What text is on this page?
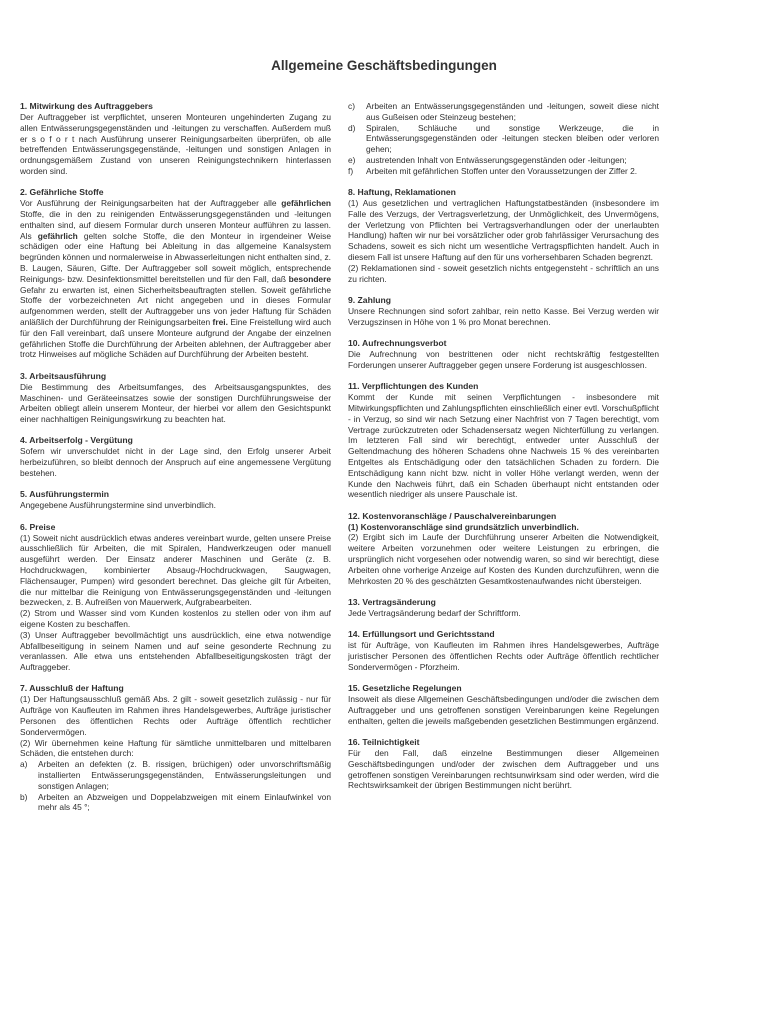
Allgemeine Geschäftsbedingungen
1. Mitwirkung des Auftraggebers

Der Auftraggeber ist verpflichtet, unseren Monteuren ungehinderten Zugang zu allen Entwässerungsgegenständen und -leitungen zu verschaffen. Außerdem muß er s o f o r t nach Ausführung unserer Reinigungsarbeiten überprüfen, ob alle betreffenden Entwässerungsgegenstände, -leitungen und sonstigen Anlagen in ordnungsgemäßem Zustand von unseren Reinigungstechnikern hinterlassen worden sind.

2. Gefährliche Stoffe

Vor Ausführung der Reinigungsarbeiten hat der Auftraggeber alle gefährlichen Stoffe, die in den zu reinigenden Entwässerungsgegenständen und -leitungen enthalten sind, auf diesem Formular durch unseren Monteur aufführen zu lassen. Als gefährlich gelten solche Stoffe, die den Monteur in irgendeiner Weise schädigen oder eine Haftung bei Ableitung in das allgemeine Kanalsystem begründen können und normalerweise in Abwasserleitungen nicht enthalten sind, z. B. Laugen, Säuren, Gifte. Der Auftraggeber soll soweit möglich, entsprechende Reinigungs- bzw. Desinfektionsmittel bereitstellen und für den Fall, daß besondere Gefahr zu erwarten ist, einen Sicherheitsbeauftragten stellen. Soweit gefährliche Stoffe der vorbezeichneten Art nicht angegeben und in dieses Formular aufgenommen werden, stellt der Auftraggeber uns von jeder Haftung für Schäden anläßlich der Durchführung der Reinigungsarbeiten frei. Eine Freistellung wird auch für den Fall vereinbart, daß unsere Monteure aufgrund der Angabe der einzelnen gefährlichen Stoffe die Durchführung der Arbeiten ablehnen, der Auftraggeber aber trotz Hinweises auf mögliche Schäden auf Durchführung der Arbeiten besteht.

3. Arbeitsausführung

Die Bestimmung des Arbeitsumfanges, des Arbeitsausgangspunktes, des Maschinen- und Geräteeinsatzes sowie der sonstigen Durchführungsweise der Arbeiten obliegt allein unserem Monteur, der hierbei vor allem den Gesichtspunkt einer nachhaltigen Reinigungswirkung zu beachten hat.

4. Arbeitserfolg - Vergütung

Sofern wir unverschuldet nicht in der Lage sind, den Erfolg unserer Arbeit herbeizuführen, so bleibt dennoch der Anspruch auf eine angemessene Vergütung bestehen.

5. Ausführungstermin

Angegebene Ausführungstermine sind unverbindlich.

6. Preise

(1) Soweit nicht ausdrücklich etwas anderes vereinbart wurde, gelten unsere Preise ausschließlich für Arbeiten, die mit Spiralen, Handwerkzeugen oder manuell ausgeführt werden. Der Einsatz anderer Maschinen und Geräte (z. B. Hochdruckwagen, kombinierter Absaug-/Hochdruckwagen, Saugwagen, Flächensauger, Pumpen) wird gesondert berechnet. Das gleiche gilt für Arbeiten, die nur mittelbar die Reinigung von Entwässerungsgegenständen und -leitungen bezwecken, z. B. Aufreißen von Mauerwerk, Aufgrabearbeiten.

(2) Strom und Wasser sind vom Kunden kostenlos zu stellen oder von ihm auf eigene Kosten zu beschaffen.

(3) Unser Auftraggeber bevollmächtigt uns ausdrücklich, eine etwa notwendige Abfallbeseitigung in seinem Namen und auf seine gesonderte Rechnung zu veranlassen. Alle etwa uns entstehenden Abfallbeseitigungskosten trägt der Auftraggeber.

7. Ausschluß der Haftung

(1) Der Haftungsausschluß gemäß Abs. 2 gilt - soweit gesetzlich zulässig - nur für Aufträge von Kaufleuten im Rahmen ihres Handelsgewerbes, Aufträge juristischer Personen des öffentlichen Rechts oder Aufträge öffentlich rechtlicher Sondervermögen.

(2) Wir übernehmen keine Haftung für sämtliche unmittelbaren und mittelbaren Schäden, die entstehen durch:

a) Arbeiten an defekten (z. B. rissigen, brüchigen) oder unvorschriftsmäßig installierten Entwässerungsgegenständen, Entwässerungsleitungen und sonstigen Anlagen;
b) Arbeiten an Abzweigen und Doppelabzweigen mit einem Einlaufwinkel von mehr als 45 °;
c) Arbeiten an Entwässerungsgegenständen und -leitungen, soweit diese nicht aus Gußeisen oder Steinzeug bestehen;
d) Spiralen, Schläuche und sonstige Werkzeuge, die in Entwässerungsgegenständen oder -leitungen stecken bleiben oder verloren gehen;
e) austretenden Inhalt von Entwässerungsgegenständen oder -leitungen;
f) Arbeiten mit gefährlichen Stoffen unter den Voraussetzungen der Ziffer 2.
8. Haftung, Reklamationen

(1) Aus gesetzlichen und vertraglichen Haftungstatbeständen (insbesondere im Falle des Verzugs, der Vertragsverletzung, der Unmöglichkeit, des Unvermögens, der Verletzung von Pflichten bei Vertragsverhandlungen oder der unerlaubten Handlung) haften wir nur bei vorsätzlicher oder grob fahrlässiger Verursachung des Schadens, soweit es sich nicht um wesentliche Vertragspflichten handelt. Auch in diesem Fall ist unsere Haftung auf den für uns vorhersehbaren Schaden begrenzt.

(2) Reklamationen sind - soweit gesetzlich nichts entgegensteht - schriftlich an uns zu richten.

9. Zahlung

Unsere Rechnungen sind sofort zahlbar, rein netto Kasse. Bei Verzug werden wir Verzugszinsen in Höhe von 1 % pro Monat berechnen.

10. Aufrechnungsverbot

Die Aufrechnung von bestrittenen oder nicht rechtskräftig festgestellten Forderungen unserer Auftraggeber gegen unsere Forderung ist ausgeschlossen.

11. Verpflichtungen des Kunden

Kommt der Kunde mit seinen Verpflichtungen - insbesondere mit Mitwirkungspflichten und Zahlungspflichten einschließlich einer evtl. Vorschußpflicht - in Verzug, so sind wir nach Setzung einer Nachfrist von 7 Tagen berechtigt, vom Vertrage zurückzutreten oder Schadensersatz wegen Nichterfüllung zu verlangen. Im letzteren Fall sind wir berechtigt, entweder unter Ausschluß der Geltendmachung des höheren Schadens ohne Nachweis 15 % des vereinbarten Entgeltes als Entschädigung oder den tatsächlichen Schaden zu fordern. Die Entschädigung kann nicht bzw. nicht in voller Höhe verlangt werden, wenn der Kunde den Nachweis führt, daß ein Schaden überhaupt nicht entstanden oder wesentlich niedriger als unsere Pauschale ist.

12. Kostenvoranschläge / Pauschalvereinbarungen

(1) Kostenvoranschläge sind grundsätzlich unverbindlich.

(2) Ergibt sich im Laufe der Durchführung unserer Arbeiten die Notwendigkeit, weitere Arbeiten vorzunehmen oder weitere Leistungen zu erbringen, die ursprünglich nicht vorgesehen oder notwendig waren, so sind wir berechtigt, diese Arbeiten ohne vorherige Anzeige auf Kosten des Kunden durchzuführen, wenn die Mehrkosten 20 % des geschätzten Gesamtkostenaufwandes nicht übersteigen.

13. Vertragsänderung

Jede Vertragsänderung bedarf der Schriftform.

14. Erfüllungsort und Gerichtsstand

ist für Aufträge, von Kaufleuten im Rahmen ihres Handelsgewerbes, Aufträge juristischer Personen des öffentlichen Rechts oder Aufträge öffentlich rechtlicher Sondervermögen - Pforzheim.

15. Gesetzliche Regelungen

Insoweit als diese Allgemeinen Geschäftsbedingungen und/oder die zwischen dem Auftraggeber und uns getroffenen sonstigen Vereinbarungen keine Regelungen enthalten, gelten die jeweils maßgebenden gesetzlichen Bestimmungen ergänzend.

16. Teilnichtigkeit

Für den Fall, daß einzelne Bestimmungen dieser Allgemeinen Geschäftsbedingungen und/oder der zwischen dem Auftraggeber und uns getroffenen sonstigen Vereinbarungen rechtsunwirksam sind oder werden, wird die Rechtswirksamkeit der übrigen Bestimmungen nicht berührt.
